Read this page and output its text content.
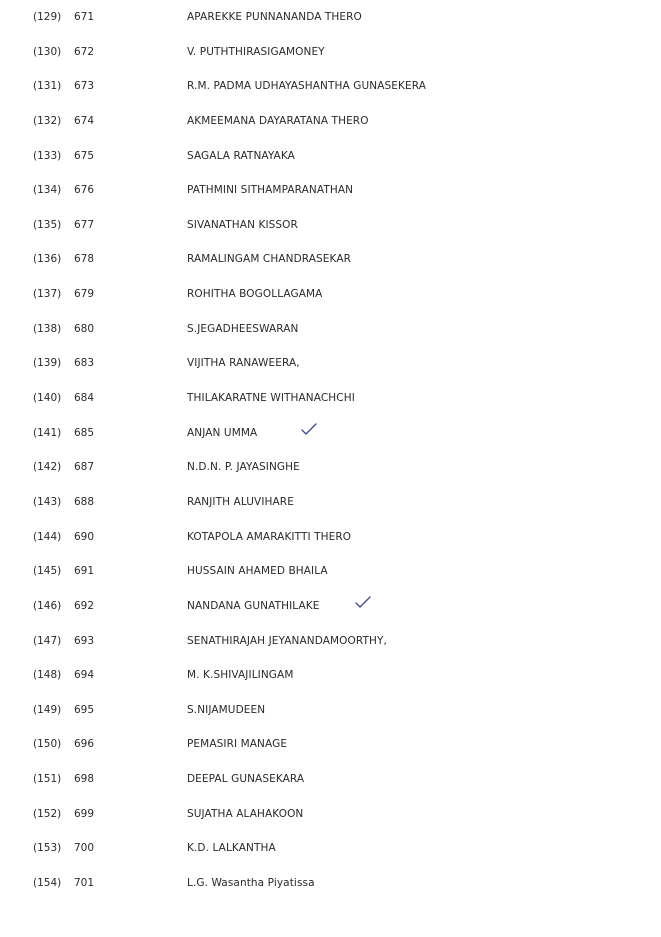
(129) 671	APAREKKE PUNNANANDA THERO
(130) 672	V. PUTHTHIRASIGAMONEY
(131) 673	R.M. PADMA UDHAYASHANTHA GUNASEKERA
(132) 674	AKMEEMANA DAYARATANA THERO
(133) 675	SAGALA RATNAYAKA
(134) 676	PATHMINI SITHAMPARANATHAN
(135) 677	SIVANATHAN KISSOR
(136) 678	RAMALINGAM CHANDRASEKAR
(137) 679	ROHITHA BOGOLLAGAMA
(138) 680	S.JEGADHEESWARAN
(139) 683	VIJITHA RANAWEERA,
(140) 684	THILAKARATNE WITHANACHCHI
(141) 685	ANJAN UMMA
(142) 687	N.D.N. P. JAYASINGHE
(143) 688	RANJITH ALUVIHARE
(144) 690	KOTAPOLA AMARAKITTI THERO
(145) 691	HUSSAIN AHAMED BHAILA
(146) 692	NANDANA GUNATHILAKE
(147) 693	SENATHIRAJAH JEYANANDAMOORTHY,
(148) 694	M. K.SHIVAJILINGAM
(149) 695	S.NIJAMUDEEN
(150) 696	PEMASIRI MANAGE
(151) 698	DEEPAL GUNASEKARA
(152) 699	SUJATHA ALAHAKOON
(153) 700	K.D. LALKANTHA
(154) 701	L.G. Wasantha Piyatissa
